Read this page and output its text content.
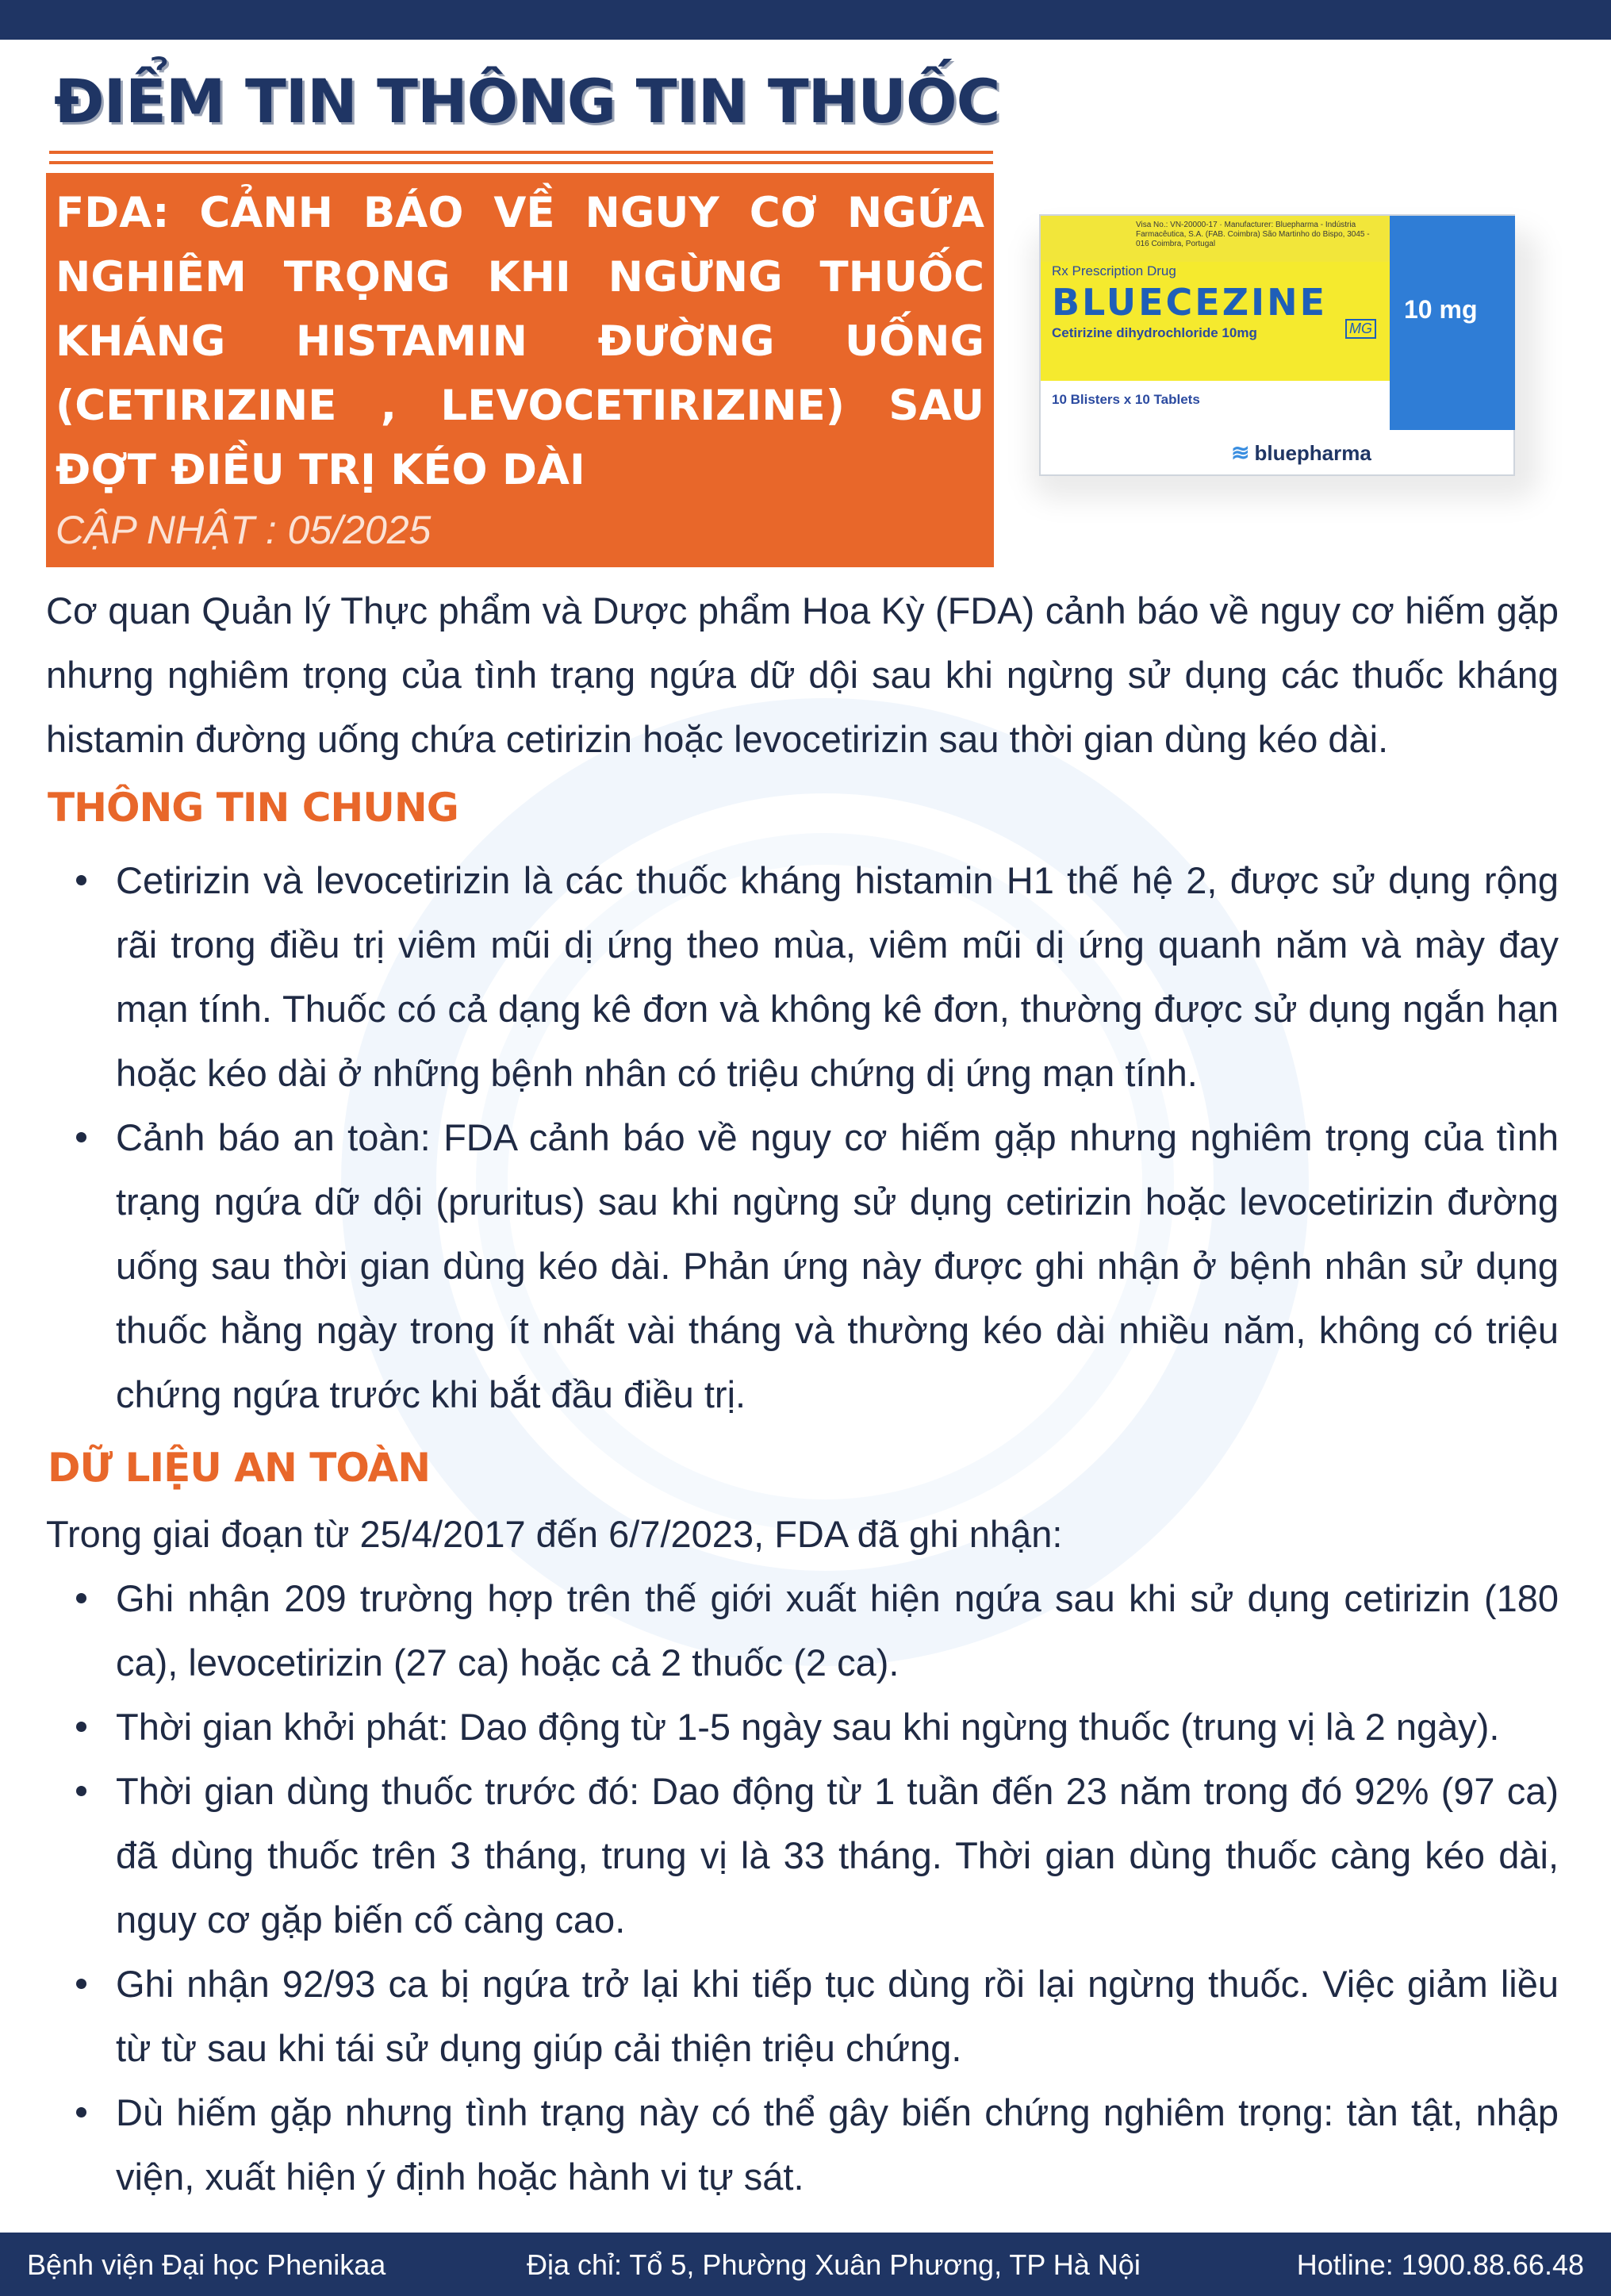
ĐIỂM TIN THÔNG TIN THUỐC

FDA: CẢNH BÁO VỀ NGUY CƠ NGỨA NGHIÊM TRỌNG KHI NGỪNG THUỐC KHÁNG HISTAMIN ĐƯỜNG UỐNG (CETIRIZINE , LEVOCETIRIZINE) SAU ĐỢT ĐIỀU TRỊ KÉO DÀI

CẬP NHẬT : 05/2025

Visa No.: VN-20000-17 · Manufacturer: Bluepharma - Indústria Farmacêutica, S.A. (FAB. Coimbra) São Martinho do Bispo, 3045 - 016 Coimbra, Portugal
Rx Prescription Drug
BLUECEZINE
MG
Cetirizine dihydrochloride 10mg
10 Blisters x 10 Tablets
10 mg
≋ bluepharma

Cơ quan Quản lý Thực phẩm và Dược phẩm Hoa Kỳ (FDA) cảnh báo về nguy cơ hiếm gặp nhưng nghiêm trọng của tình trạng ngứa dữ dội sau khi ngừng sử dụng các thuốc kháng histamin đường uống chứa cetirizin hoặc levocetirizin sau thời gian dùng kéo dài.

THÔNG TIN CHUNG
Cetirizin và levocetirizin là các thuốc kháng histamin H1 thế hệ 2, được sử dụng rộng rãi trong điều trị viêm mũi dị ứng theo mùa, viêm mũi dị ứng quanh năm và mày đay mạn tính. Thuốc có cả dạng kê đơn và không kê đơn, thường được sử dụng ngắn hạn hoặc kéo dài ở những bệnh nhân có triệu chứng dị ứng mạn tính.
Cảnh báo an toàn: FDA cảnh báo về nguy cơ hiếm gặp nhưng nghiêm trọng của tình trạng ngứa dữ dội (pruritus) sau khi ngừng sử dụng cetirizin hoặc levocetirizin đường uống sau thời gian dùng kéo dài. Phản ứng này được ghi nhận ở bệnh nhân sử dụng thuốc hằng ngày trong ít nhất vài tháng và thường kéo dài nhiều năm, không có triệu chứng ngứa trước khi bắt đầu điều trị.
DỮ LIỆU AN TOÀN

Trong giai đoạn từ 25/4/2017 đến 6/7/2023, FDA đã ghi nhận:

Ghi nhận 209 trường hợp trên thế giới xuất hiện ngứa sau khi sử dụng cetirizin (180 ca), levocetirizin (27 ca) hoặc cả 2 thuốc (2 ca).
Thời gian khởi phát: Dao động từ 1-5 ngày sau khi ngừng thuốc (trung vị là 2 ngày).
Thời gian dùng thuốc trước đó: Dao động từ 1 tuần đến 23 năm trong đó 92% (97 ca) đã dùng thuốc trên 3 tháng, trung vị là 33 tháng. Thời gian dùng thuốc càng kéo dài, nguy cơ gặp biến cố càng cao.
Ghi nhận 92/93 ca bị ngứa trở lại khi tiếp tục dùng rồi lại ngừng thuốc. Việc giảm liều từ từ sau khi tái sử dụng giúp cải thiện triệu chứng.
Dù hiếm gặp nhưng tình trạng này có thể gây biến chứng nghiêm trọng: tàn tật, nhập viện, xuất hiện ý định hoặc hành vi tự sát.
Bệnh viện Đại học Phenikaa	Địa chỉ: Tổ 5, Phường Xuân Phương, TP Hà Nội	Hotline: 1900.88.66.48
